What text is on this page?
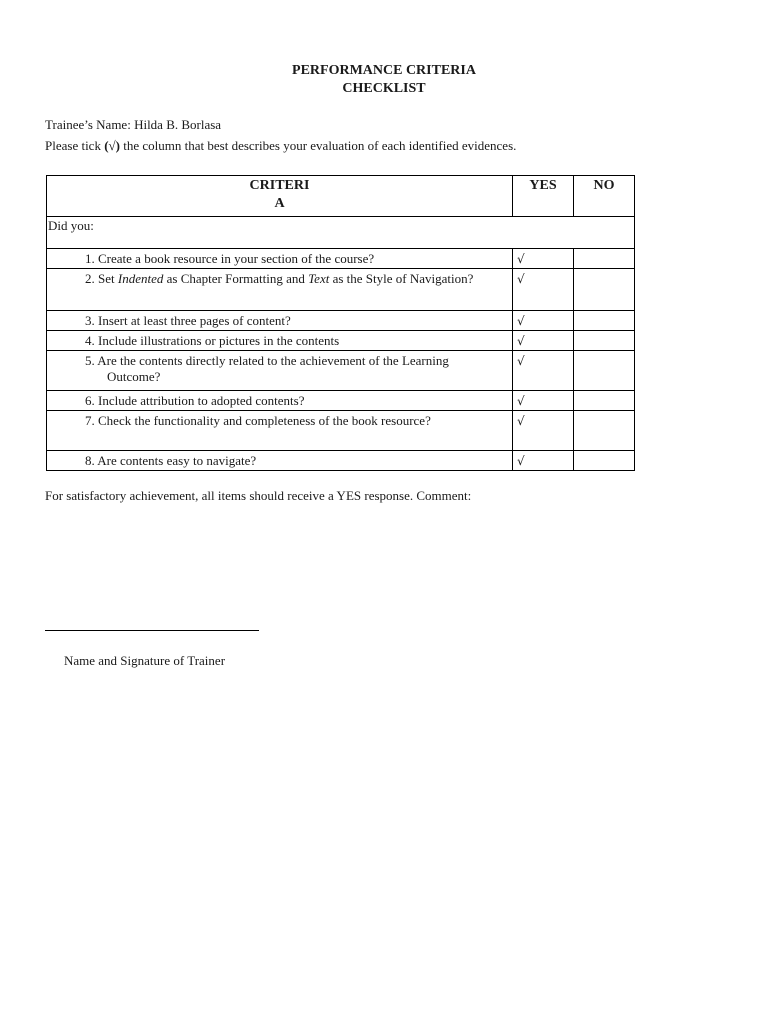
PERFORMANCE CRITERIA
CHECKLIST
Trainee’s Name: Hilda B. Borlasa
Please tick (√) the column that best describes your evaluation of each identified evidences.
CRITERI
A	YES	NO
Did you:		
1. Create a book resource in your section of the course?	√	
2. Set Indented as Chapter Formatting and Text as the Style of Navigation?	√	
3. Insert at least three pages of content?	√	
4. Include illustrations or pictures in the contents	√	
5. Are the contents directly related to the achievement of the Learning
Outcome?	√	
6. Include attribution to adopted contents?	√	
7. Check the functionality and completeness of the book resource?	√	
8. Are contents easy to navigate?	√	
For satisfactory achievement, all items should receive a YES response. Comment:
Name and Signature of Trainer
